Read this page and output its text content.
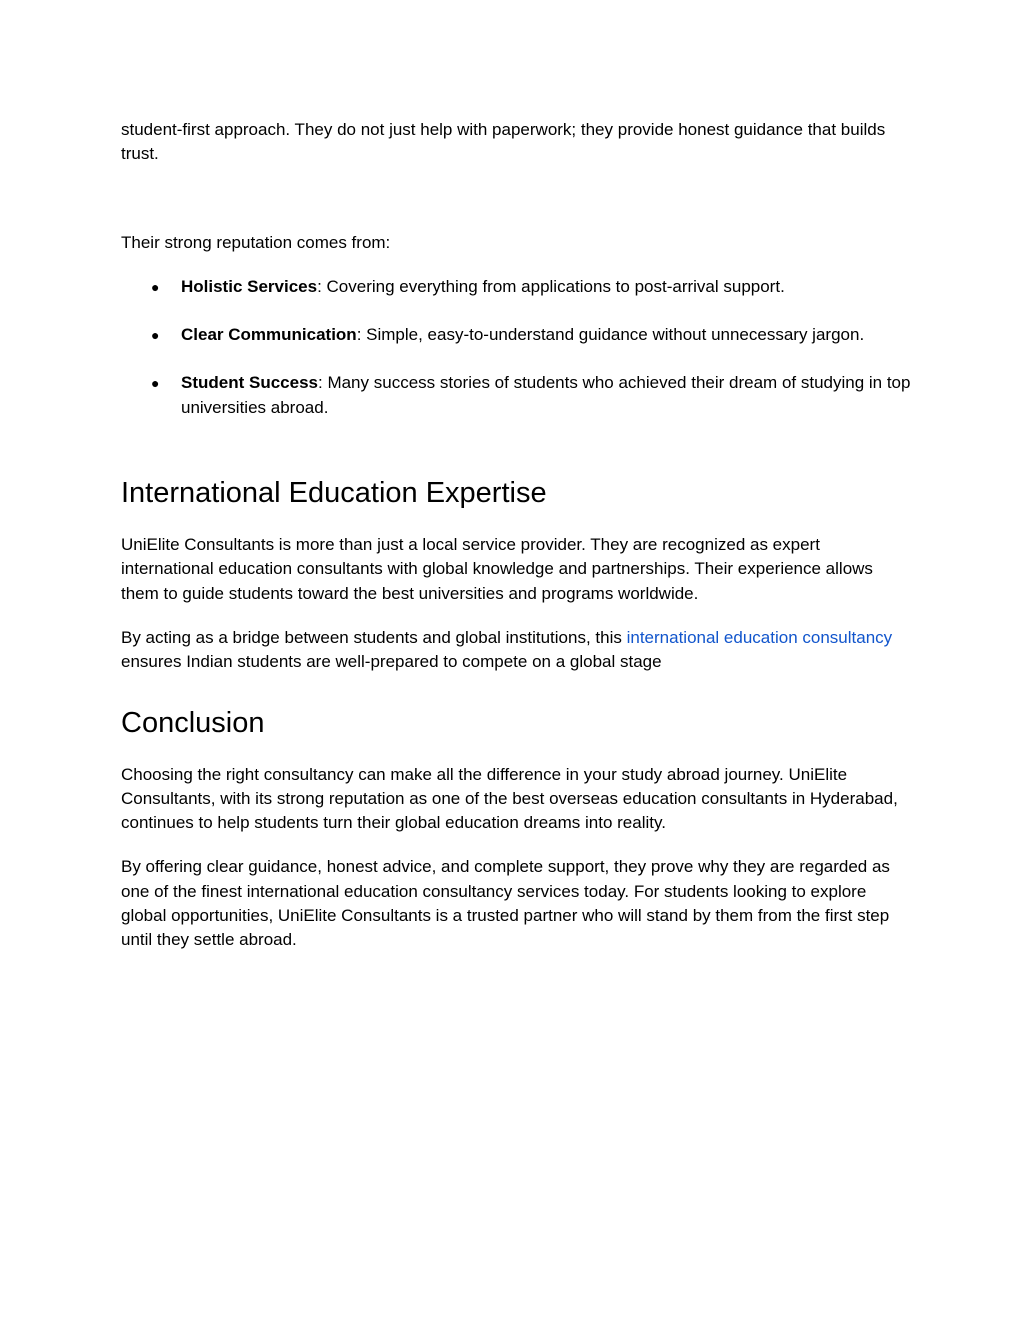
student-first approach. They do not just help with paperwork; they provide honest guidance that builds trust.

Their strong reputation comes from:

● Holistic Services: Covering everything from applications to post-arrival support.
● Clear Communication: Simple, easy-to-understand guidance without unnecessary jargon.
● Student Success: Many success stories of students who achieved their dream of studying in top universities abroad.
International Education Expertise

UniElite Consultants is more than just a local service provider. They are recognized as expert international education consultants with global knowledge and partnerships. Their experience allows them to guide students toward the best universities and programs worldwide.

By acting as a bridge between students and global institutions, this international education consultancy ensures Indian students are well-prepared to compete on a global stage

Conclusion

Choosing the right consultancy can make all the difference in your study abroad journey. UniElite Consultants, with its strong reputation as one of the best overseas education consultants in Hyderabad, continues to help students turn their global education dreams into reality.

By offering clear guidance, honest advice, and complete support, they prove why they are regarded as one of the finest international education consultancy services today. For students looking to explore global opportunities, UniElite Consultants is a trusted partner who will stand by them from the first step until they settle abroad.
